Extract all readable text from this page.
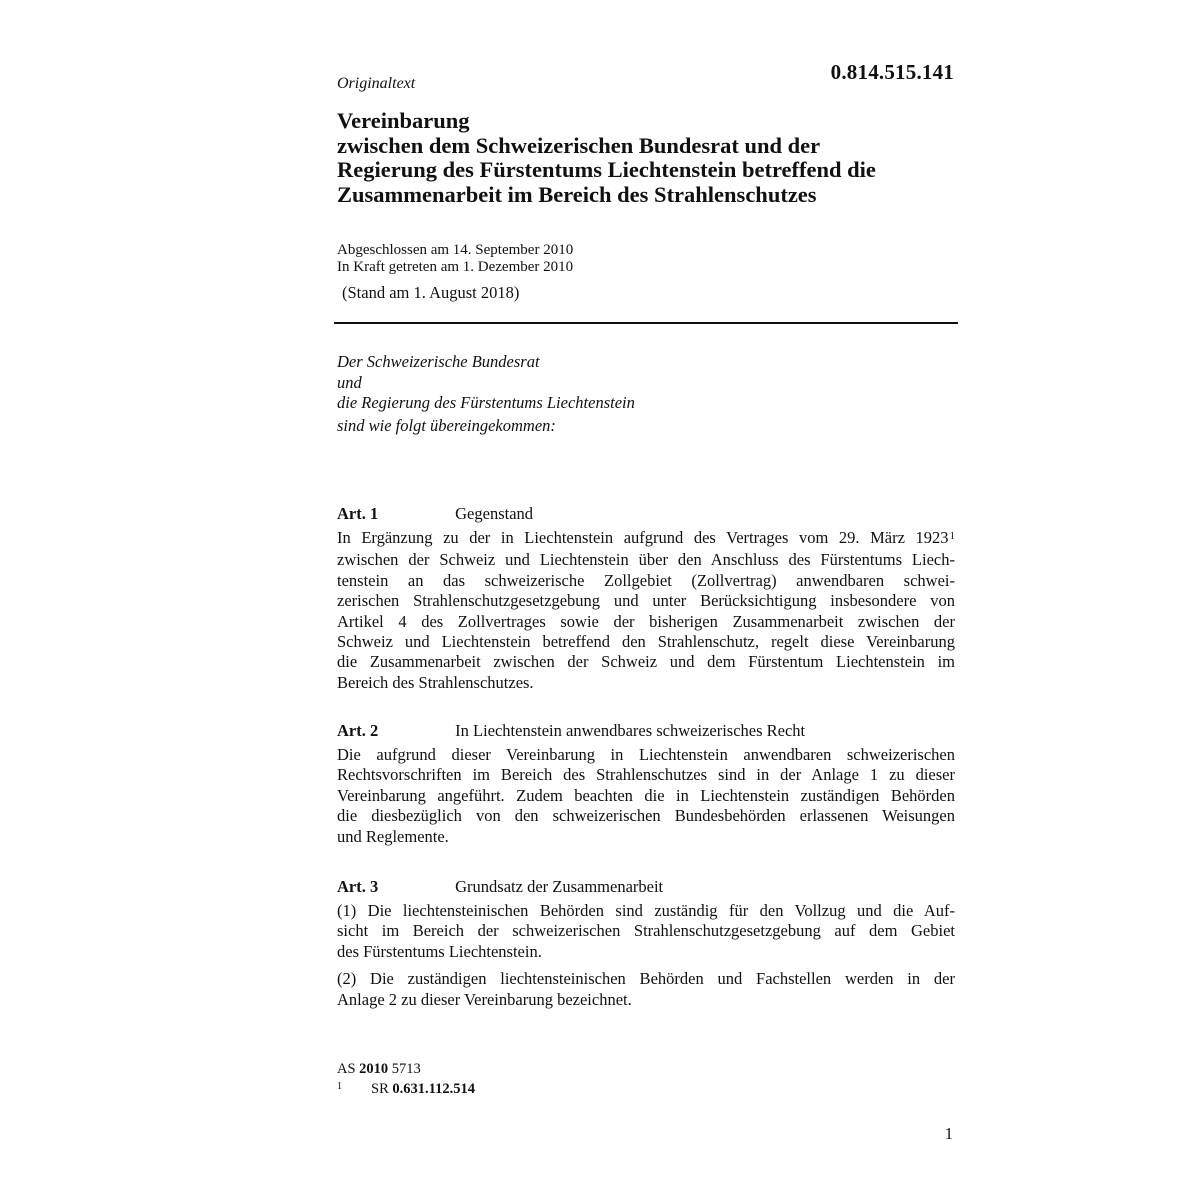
0.814.515.141
Originaltext
Vereinbarung
zwischen dem Schweizerischen Bundesrat und der
Regierung des Fürstentums Liechtenstein betreffend die
Zusammenarbeit im Bereich des Strahlenschutzes
Abgeschlossen am 14. September 2010
In Kraft getreten am 1. Dezember 2010
(Stand am 1. August 2018)
Der Schweizerische Bundesrat
und
die Regierung des Fürstentums Liechtenstein
sind wie folgt übereingekommen:
Art. 1	Gegenstand

In Ergänzung zu der in Liechtenstein aufgrund des Vertrages vom 29. März 1923$^1$
zwischen der Schweiz und Liechtenstein über den Anschluss des Fürstentums Liech-
tenstein an das schweizerische Zollgebiet (Zollvertrag) anwendbaren schwei-
zerischen Strahlenschutzgesetzgebung und unter Berücksichtigung insbesondere von
Artikel 4 des Zollvertrages sowie der bisherigen Zusammenarbeit zwischen der
Schweiz und Liechtenstein betreffend den Strahlenschutz, regelt diese Vereinbarung
die Zusammenarbeit zwischen der Schweiz und dem Fürstentum Liechtenstein im
Bereich des Strahlenschutzes.

Art. 2	In Liechtenstein anwendbares schweizerisches Recht

Die aufgrund dieser Vereinbarung in Liechtenstein anwendbaren schweizerischen
Rechtsvorschriften im Bereich des Strahlenschutzes sind in der Anlage 1 zu dieser
Vereinbarung angeführt. Zudem beachten die in Liechtenstein zuständigen Behörden
die diesbezüglich von den schweizerischen Bundesbehörden erlassenen Weisungen
und Reglemente.

Art. 3	Grundsatz der Zusammenarbeit

(1) Die liechtensteinischen Behörden sind zuständig für den Vollzug und die Auf-
sicht im Bereich der schweizerischen Strahlenschutzgesetzgebung auf dem Gebiet
des Fürstentums Liechtenstein.

(2) Die zuständigen liechtensteinischen Behörden und Fachstellen werden in der
Anlage 2 zu dieser Vereinbarung bezeichnet.

AS 2010 5713
1 SR 0.631.112.514
1
